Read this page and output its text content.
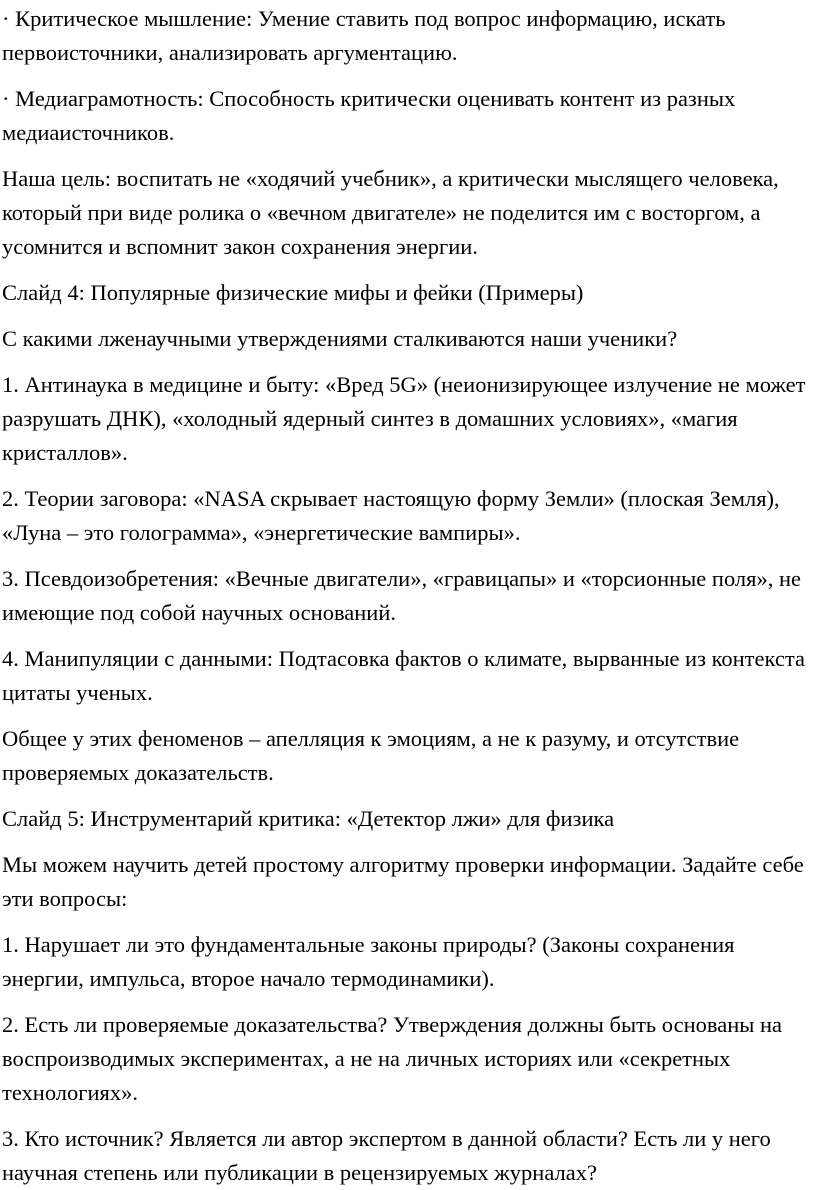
· Критическое мышление: Умение ставить под вопрос информацию, искать первоисточники, анализировать аргументацию.

· Медиаграмотность: Способность критически оценивать контент из разных медиаисточников.

Наша цель: воспитать не «ходячий учебник», а критически мыслящего человека, который при виде ролика о «вечном двигателе» не поделится им с восторгом, а усомнится и вспомнит закон сохранения энергии.

Слайд 4: Популярные физические мифы и фейки (Примеры)

С какими лженаучными утверждениями сталкиваются наши ученики?

1. Антинаука в медицине и быту: «Вред 5G» (неионизирующее излучение не может разрушать ДНК), «холодный ядерный синтез в домашних условиях», «магия кристаллов».

2. Теории заговора: «NASA скрывает настоящую форму Земли» (плоская Земля), «Луна – это голограмма», «энергетические вампиры».

3. Псевдоизобретения: «Вечные двигатели», «гравицапы» и «торсионные поля», не имеющие под собой научных оснований.

4. Манипуляции с данными: Подтасовка фактов о климате, вырванные из контекста цитаты ученых.

Общее у этих феноменов – апелляция к эмоциям, а не к разуму, и отсутствие проверяемых доказательств.

Слайд 5: Инструментарий критика: «Детектор лжи» для физика

Мы можем научить детей простому алгоритму проверки информации. Задайте себе эти вопросы:

1. Нарушает ли это фундаментальные законы природы? (Законы сохранения энергии, импульса, второе начало термодинамики).

2. Есть ли проверяемые доказательства? Утверждения должны быть основаны на воспроизводимых экспериментах, а не на личных историях или «секретных технологиях».

3. Кто источник? Является ли автор экспертом в данной области? Есть ли у него научная степень или публикации в рецензируемых журналах?
